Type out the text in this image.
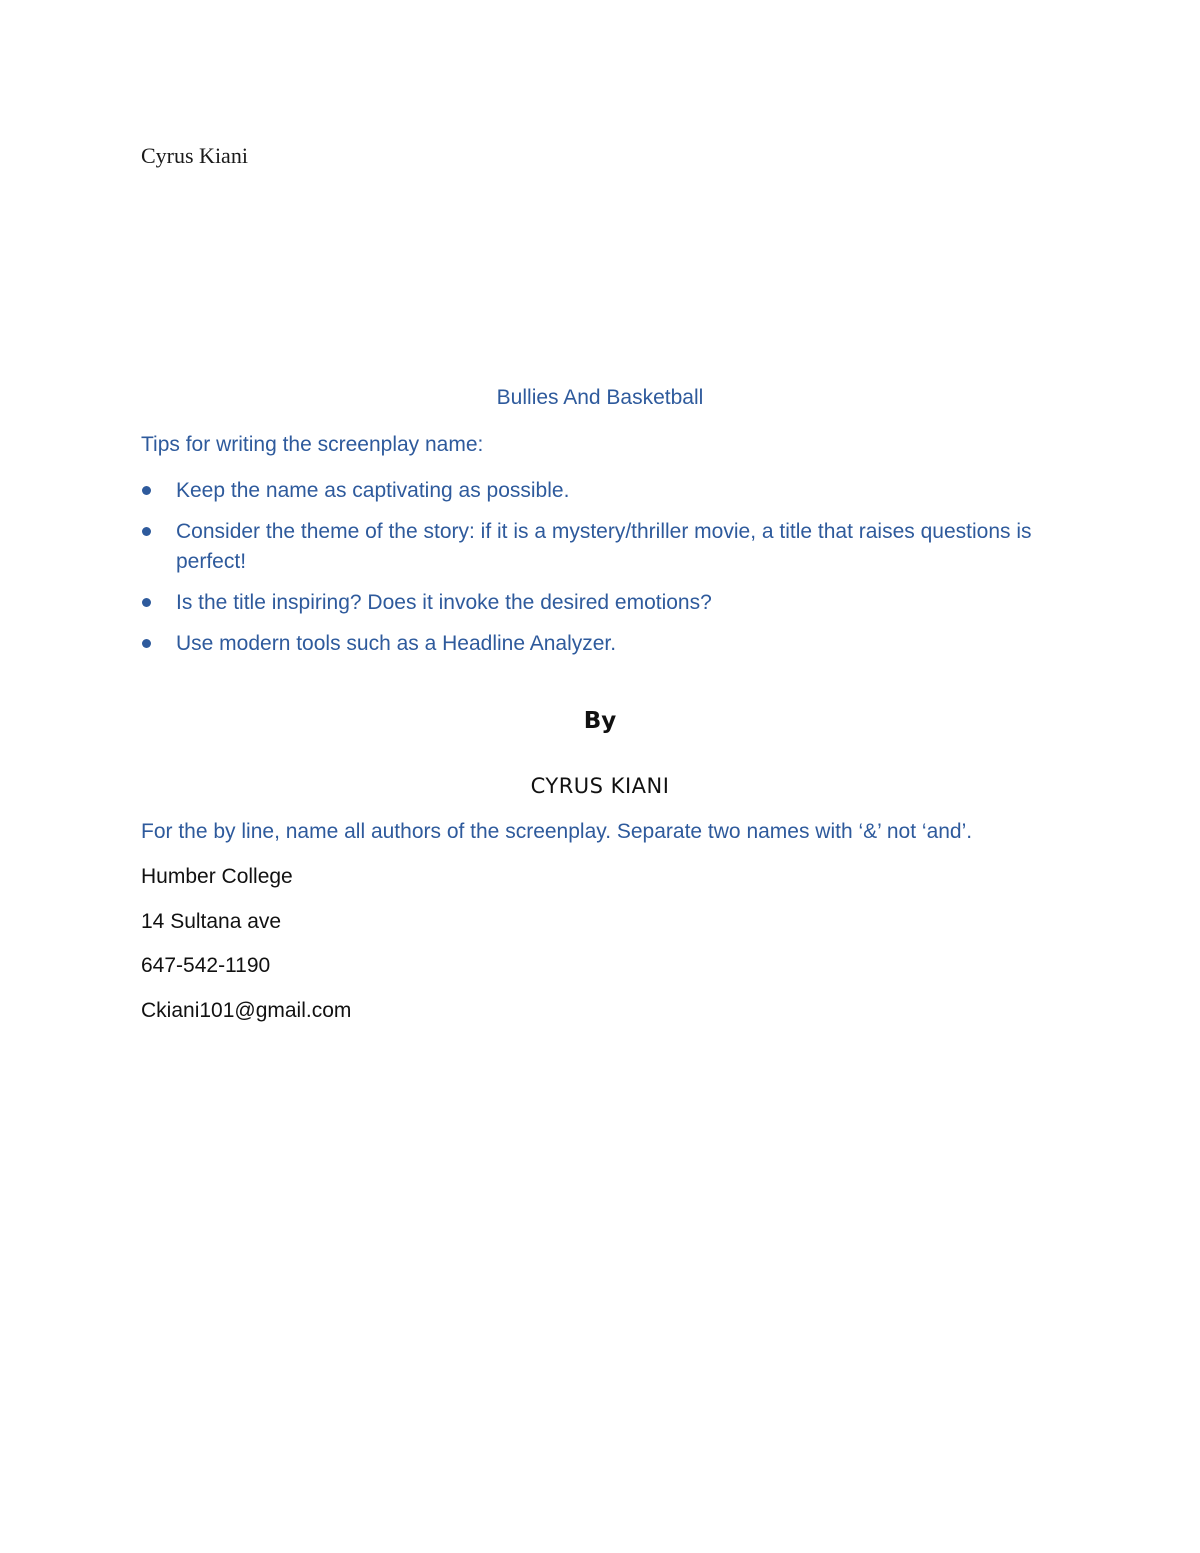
Cyrus Kiani
Bullies And Basketball
Tips for writing the screenplay name:
Keep the name as captivating as possible.
Consider the theme of the story: if it is a mystery/thriller movie, a title that raises questions is perfect!
Is the title inspiring? Does it invoke the desired emotions?
Use modern tools such as a Headline Analyzer.
By
CYRUS KIANI
For the by line, name all authors of the screenplay. Separate two names with ‘&’ not ‘and’.
Humber College
14 Sultana ave
647-542-1190
Ckiani101@gmail.com
